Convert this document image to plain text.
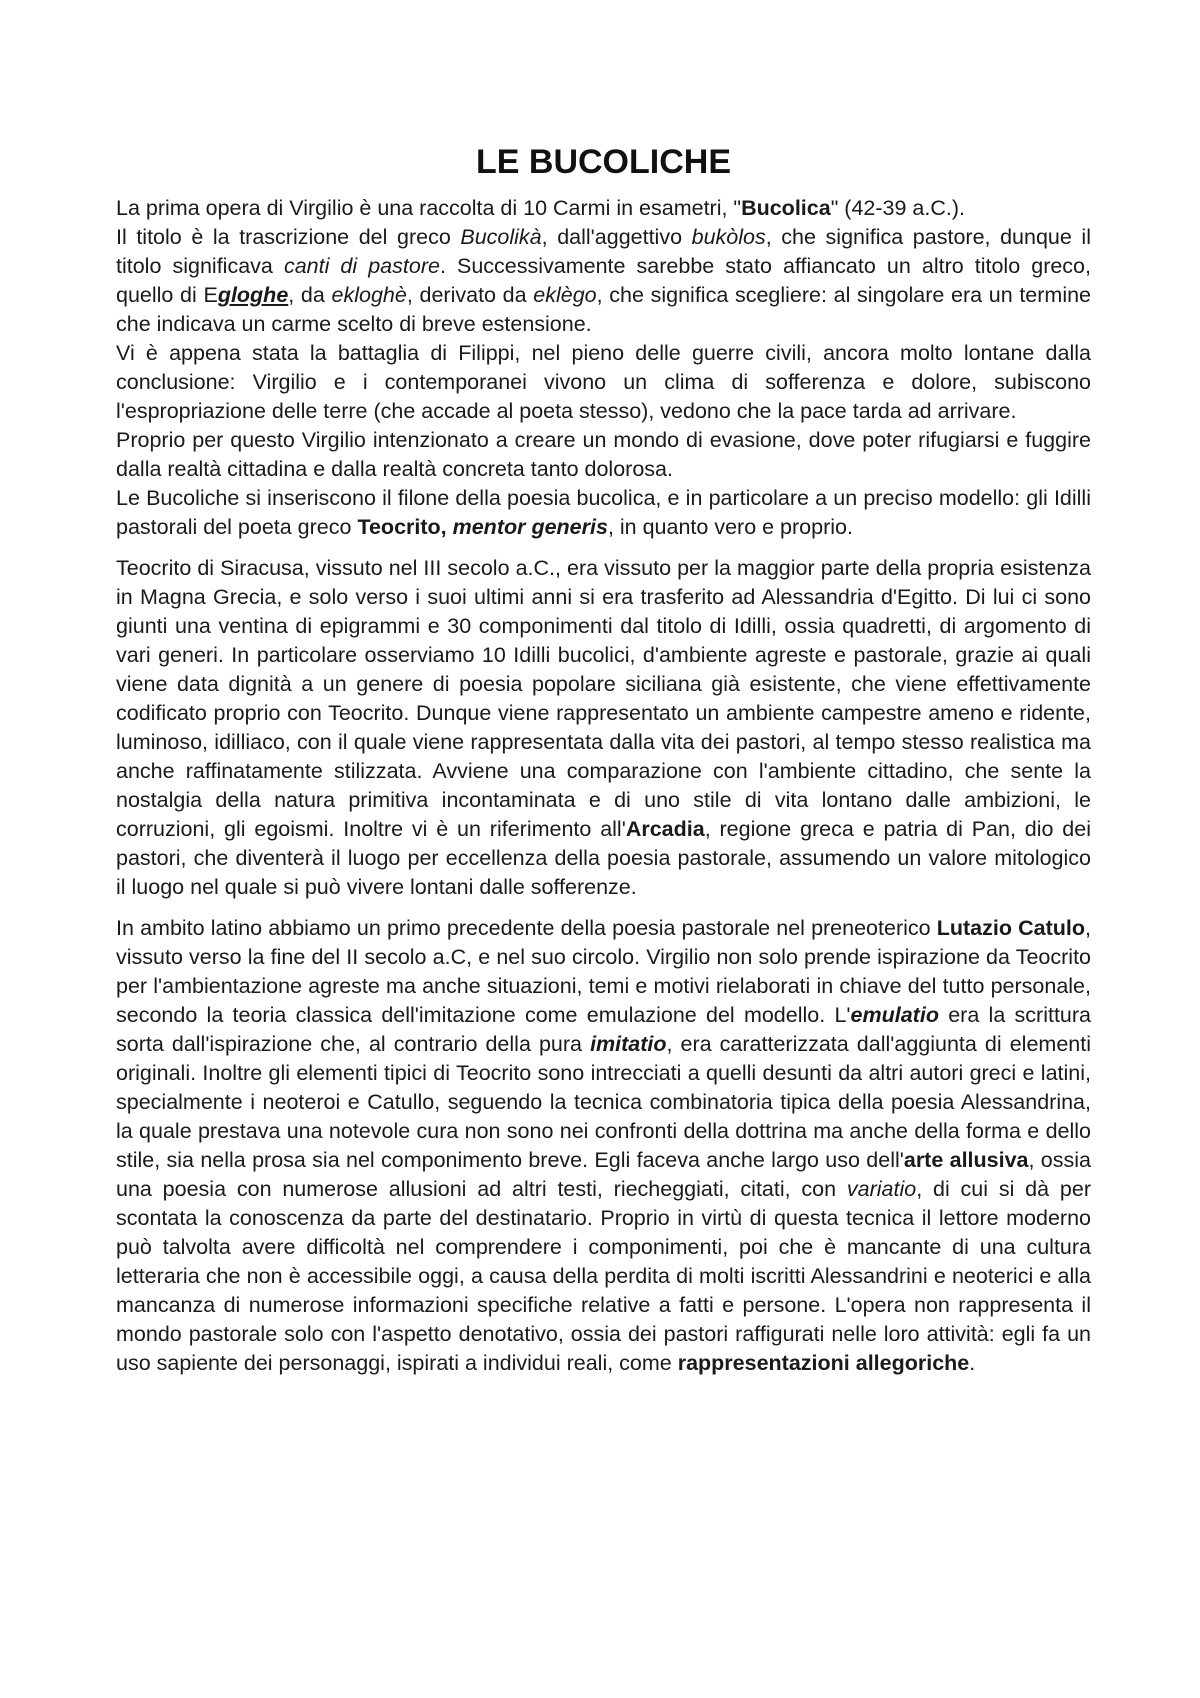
LE BUCOLICHE

La prima opera di Virgilio è una raccolta di 10 Carmi in esametri, "Bucolica" (42-39 a.C.).

Il titolo è la trascrizione del greco Bucolikà, dall'aggettivo bukòlos, che significa pastore, dunque il titolo significava canti di pastore. Successivamente sarebbe stato affiancato un altro titolo greco, quello di Egloghe, da ekloghè, derivato da eklègo, che significa scegliere: al singolare era un termine che indicava un carme scelto di breve estensione.

Vi è appena stata la battaglia di Filippi, nel pieno delle guerre civili, ancora molto lontane dalla conclusione: Virgilio e i contemporanei vivono un clima di sofferenza e dolore, subiscono l'espropriazione delle terre (che accade al poeta stesso), vedono che la pace tarda ad arrivare.

Proprio per questo Virgilio intenzionato a creare un mondo di evasione, dove poter rifugiarsi e fuggire dalla realtà cittadina e dalla realtà concreta tanto dolorosa.

Le Bucoliche si inseriscono il filone della poesia bucolica, e in particolare a un preciso modello: gli Idilli pastorali del poeta greco Teocrito, mentor generis, in quanto vero e proprio.

Teocrito di Siracusa, vissuto nel III secolo a.C., era vissuto per la maggior parte della propria esistenza in Magna Grecia, e solo verso i suoi ultimi anni si era trasferito ad Alessandria d'Egitto. Di lui ci sono giunti una ventina di epigrammi e 30 componimenti dal titolo di Idilli, ossia quadretti, di argomento di vari generi. In particolare osserviamo 10 Idilli bucolici, d'ambiente agreste e pastorale, grazie ai quali viene data dignità a un genere di poesia popolare siciliana già esistente, che viene effettivamente codificato proprio con Teocrito. Dunque viene rappresentato un ambiente campestre ameno e ridente, luminoso, idilliaco, con il quale viene rappresentata dalla vita dei pastori, al tempo stesso realistica ma anche raffinatamente stilizzata. Avviene una comparazione con l'ambiente cittadino, che sente la nostalgia della natura primitiva incontaminata e di uno stile di vita lontano dalle ambizioni, le corruzioni, gli egoismi. Inoltre vi è un riferimento all'Arcadia, regione greca e patria di Pan, dio dei pastori, che diventerà il luogo per eccellenza della poesia pastorale, assumendo un valore mitologico il luogo nel quale si può vivere lontani dalle sofferenze.

In ambito latino abbiamo un primo precedente della poesia pastorale nel preneoterico Lutazio Catulo, vissuto verso la fine del II secolo a.C, e nel suo circolo. Virgilio non solo prende ispirazione da Teocrito per l'ambientazione agreste ma anche situazioni, temi e motivi rielaborati in chiave del tutto personale, secondo la teoria classica dell'imitazione come emulazione del modello. L'emulatio era la scrittura sorta dall'ispirazione che, al contrario della pura imitatio, era caratterizzata dall'aggiunta di elementi originali. Inoltre gli elementi tipici di Teocrito sono intrecciati a quelli desunti da altri autori greci e latini, specialmente i neoteroi e Catullo, seguendo la tecnica combinatoria tipica della poesia Alessandrina, la quale prestava una notevole cura non sono nei confronti della dottrina ma anche della forma e dello stile, sia nella prosa sia nel componimento breve. Egli faceva anche largo uso dell'arte allusiva, ossia una poesia con numerose allusioni ad altri testi, riecheggiati, citati, con variatio, di cui si dà per scontata la conoscenza da parte del destinatario. Proprio in virtù di questa tecnica il lettore moderno può talvolta avere difficoltà nel comprendere i componimenti, poi che è mancante di una cultura letteraria che non è accessibile oggi, a causa della perdita di molti iscritti Alessandrini e neoterici e alla mancanza di numerose informazioni specifiche relative a fatti e persone. L'opera non rappresenta il mondo pastorale solo con l'aspetto denotativo, ossia dei pastori raffigurati nelle loro attività: egli fa un uso sapiente dei personaggi, ispirati a individui reali, come rappresentazioni allegoriche.
